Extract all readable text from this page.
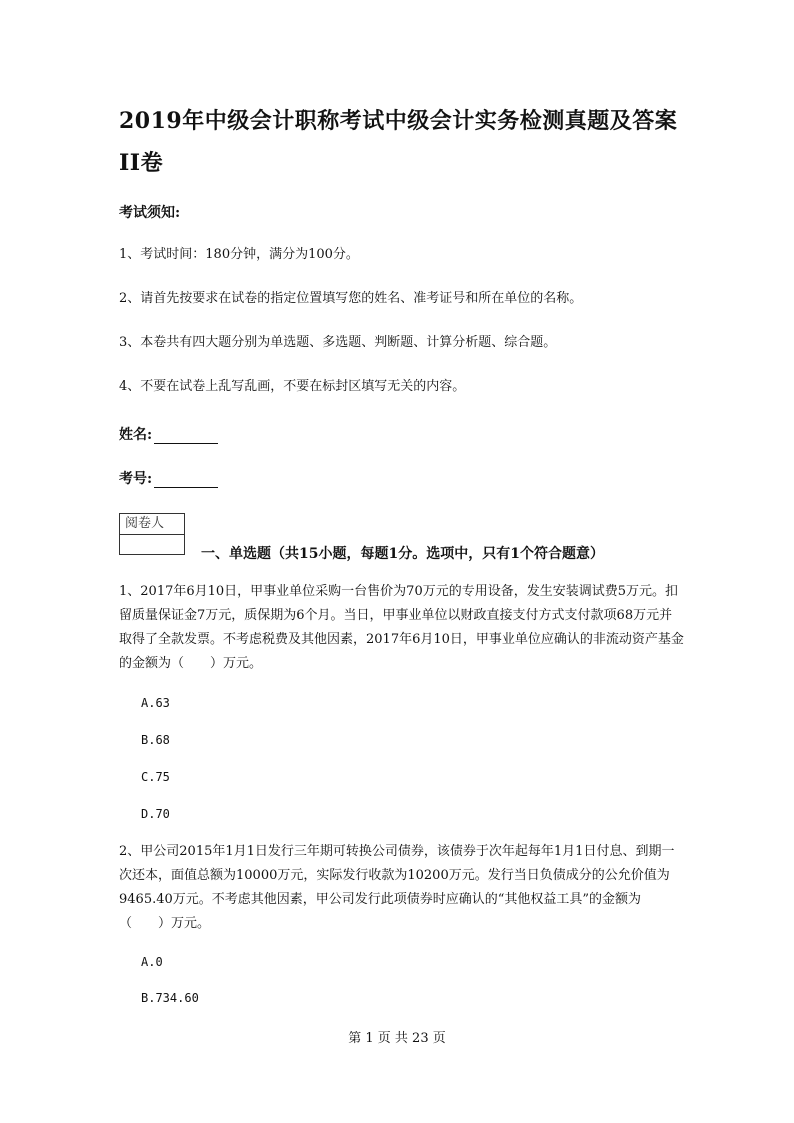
2019年中级会计职称考试中级会计实务检测真题及答案 II卷
考试须知:
1、考试时间：180分钟，满分为100分。
2、请首先按要求在试卷的指定位置填写您的姓名、准考证号和所在单位的名称。
3、本卷共有四大题分别为单选题、多选题、判断题、计算分析题、综合题。
4、不要在试卷上乱写乱画，不要在标封区填写无关的内容。
姓名:
考号:
阅卷人
一、单选题（共15小题，每题1分。选项中，只有1个符合题意）
1、2017年6月10日，甲事业单位采购一台售价为70万元的专用设备，发生安装调试费5万元。扣留质量保证金7万元，质保期为6个月。当日，甲事业单位以财政直接支付方式支付款项68万元并取得了全款发票。不考虑税费及其他因素，2017年6月10日，甲事业单位应确认的非流动资产基金的金额为（　　）万元。
A.63
B.68
C.75
D.70
2、甲公司2015年1月1日发行三年期可转换公司债券，该债券于次年起每年1月1日付息、到期一次还本，面值总额为10000万元，实际发行收款为10200万元。发行当日负债成分的公允价值为9465.40万元。不考虑其他因素，甲公司发行此项债券时应确认的“其他权益工具”的金额为（　　）万元。
A.0
B.734.60
第 1 页 共 23 页
